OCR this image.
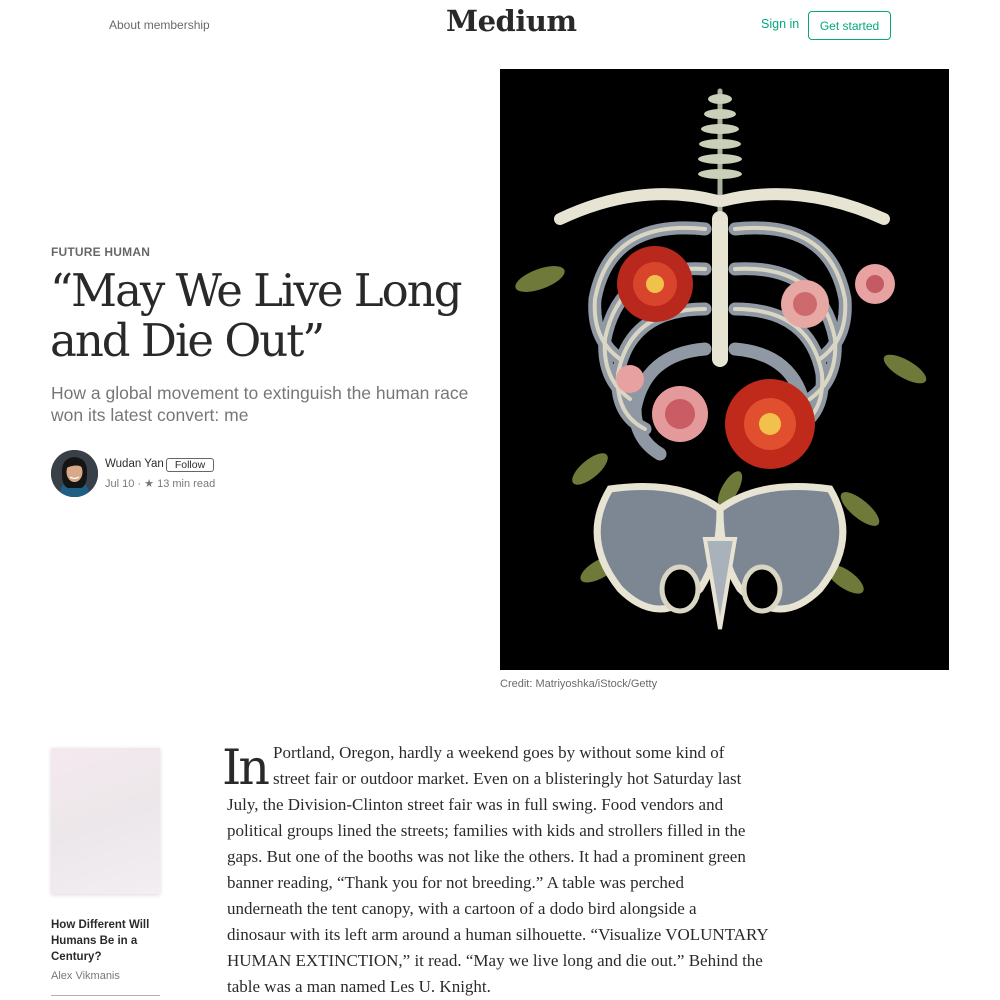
About membership	Medium	Sign in Get started
FUTURE HUMAN
“May We Live Long
and Die Out”
How a global movement to extinguish the human race
won its latest convert: me
Wudan Yan Follow
Jul 10 · ★ 13 min read
Credit: Matriyoshka/iStock/Getty
How Different Will
Humans Be in a
Century?
Alex Vikmanis
In Portland, Oregon, hardly a weekend goes by without some kind of
street fair or outdoor market. Even on a blisteringly hot Saturday last
July, the Division-Clinton street fair was in full swing. Food vendors and
political groups lined the streets; families with kids and strollers filled in the
gaps. But one of the booths was not like the others. It had a prominent green
banner reading, “Thank you for not breeding.” A table was perched
underneath the tent canopy, with a cartoon of a dodo bird alongside a
dinosaur with its left arm around a human silhouette. “Visualize VOLUNTARY
HUMAN EXTINCTION,” it read. “May we live long and die out.” Behind the
table was a man named Les U. Knight.
